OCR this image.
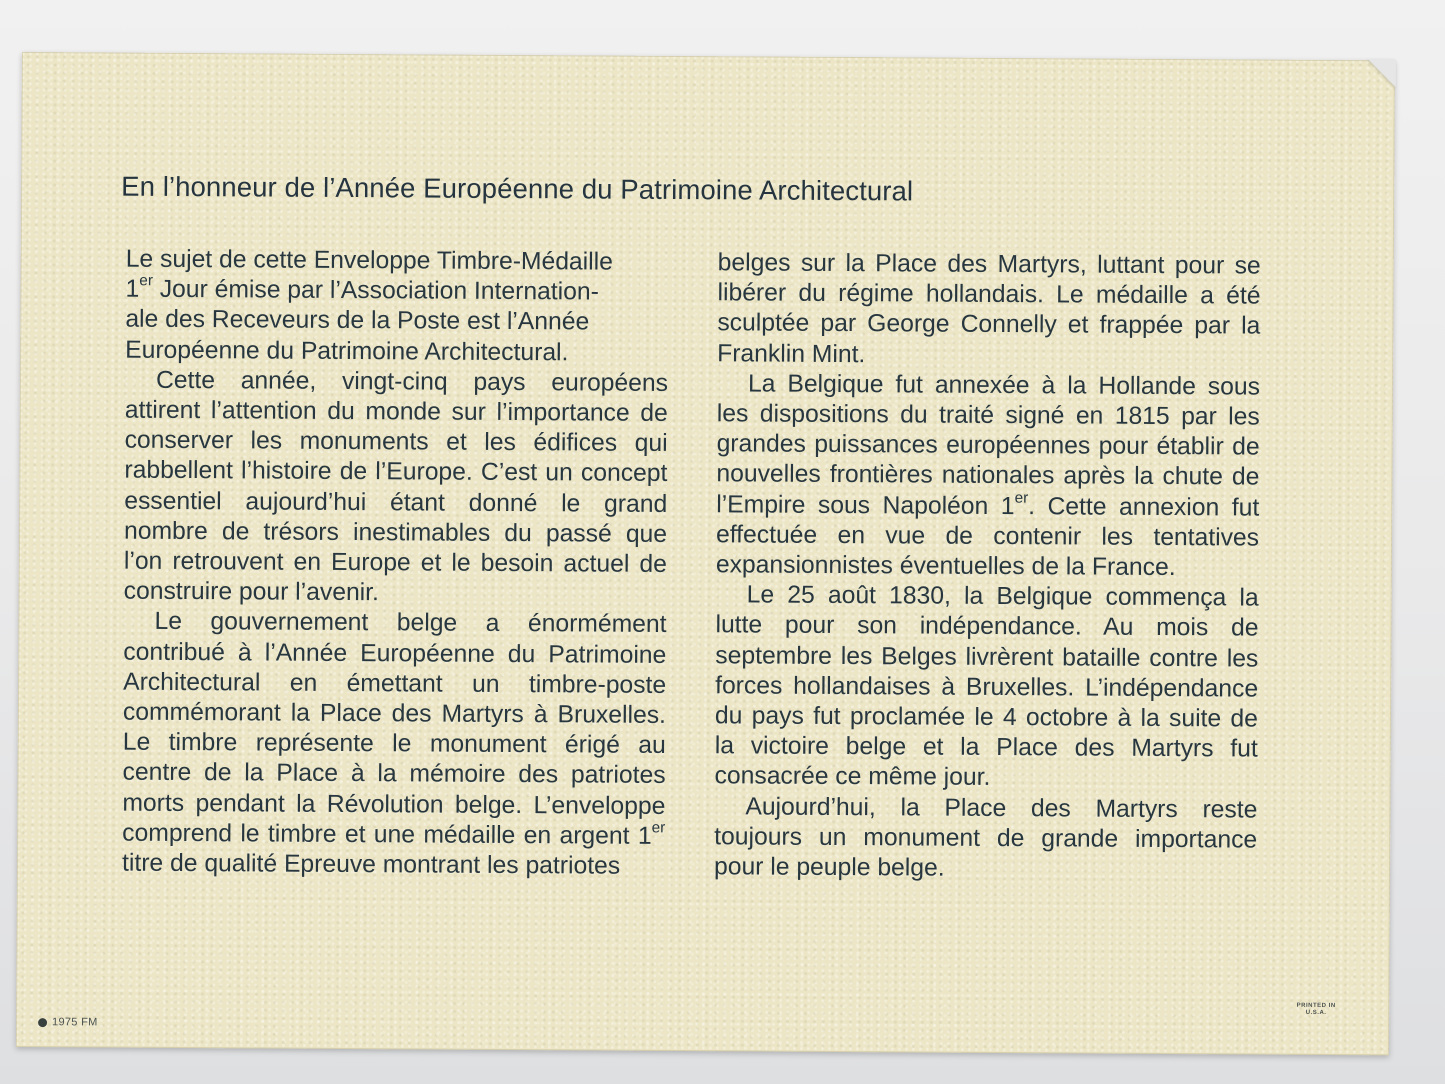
En l’honneur de l’Année Européenne du Patrimoine Architectural

Le sujet de cette Enveloppe Timbre-Médaille
1er Jour émise par l’Association Internation-
ale des Receveurs de la Poste est l’Année
Européenne du Patrimoine Architectural.

Cette année, vingt-cinq pays européens attirent l’attention du monde sur l’importance de conserver les monuments et les édifices qui rabbellent l’histoire de l’Europe. C’est un concept essentiel aujourd’hui étant donné le grand nombre de trésors inestimables du passé que l’on retrouvent en Europe et le besoin actuel de construire pour l’avenir.

Le gouvernement belge a énormément contribué à l’Année Européenne du Patrimoine Architectural en émettant un timbre-poste commémorant la Place des Martyrs à Bruxelles. Le timbre représente le monument érigé au centre de la Place à la mémoire des patriotes morts pendant la Révolution belge. L’enveloppe comprend le timbre et une médaille en argent 1er titre de qualité Epreuve montrant les patriotes

belges sur la Place des Martyrs, luttant pour se libérer du régime hollandais. Le médaille a été sculptée par George Connelly et frappée par la Franklin Mint.

La Belgique fut annexée à la Hollande sous les dispositions du traité signé en 1815 par les grandes puissances européennes pour établir de nouvelles frontières nationales après la chute de l’Empire sous Napoléon 1er. Cette annexion fut effectuée en vue de contenir les tentatives expansionnistes éventuelles de la France.

Le 25 août 1830, la Belgique commença la lutte pour son indépendance. Au mois de septembre les Belges livrèrent bataille contre les forces hollandaises à Bruxelles. L’indépendance du pays fut proclamée le 4 octobre à la suite de la victoire belge et la Place des Martyrs fut consacrée ce même jour.

Aujourd’hui, la Place des Martyrs reste toujours un monument de grande importance pour le peuple belge.

1975 FM
PRINTED IN U.S.A.
